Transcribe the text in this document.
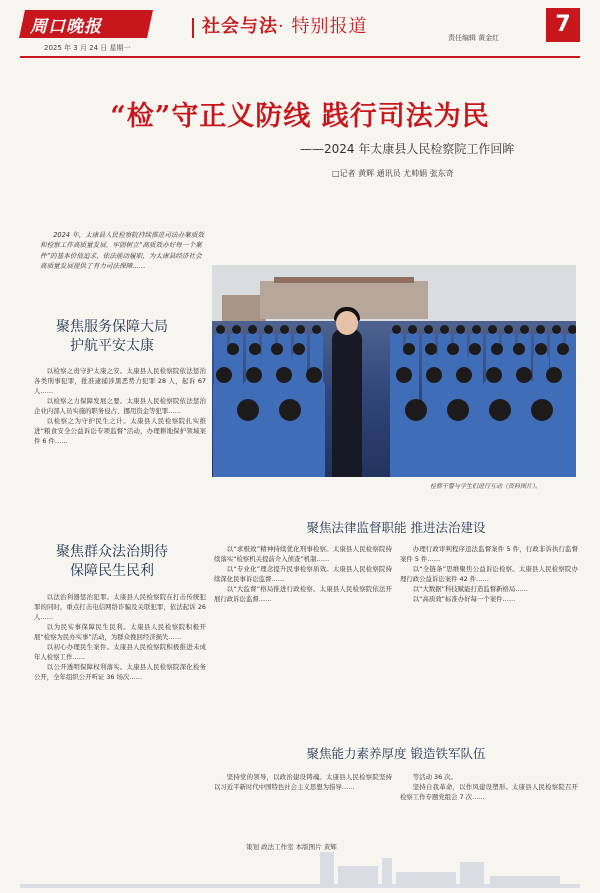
周口晚报
2025 年 3 月 24 日 星期一
社会与法· 特别报道
责任编辑 黄金红
7
“检”守正义防线 践行司法为民
——2024 年太康县人民检察院工作回眸
□记者 黄辉 通讯员 尤帅娟 张东奇
2024 年，太康县人民检察院持续推进司法办案质效和检察工作高质量发展，牢固树立“高质效办好每一个案件”的基本价值追求，依法能动履职，为太康县经济社会高质量发展提供了有力司法保障……
检察干警与学生们进行互动（资料图片）。
聚焦服务保障大局
护航平安太康

以检察之责守护太康之安。太康县人民检察院依法惩治各类刑事犯罪，批准逮捕涉黑恶势力犯罪 28 人，起诉 67 人……

以检察之力保障发展之要。太康县人民检察院依法惩治企业内部人员实施的职务侵占、挪用资金等犯罪……

以检察之为守护民生之计。太康县人民检察院扎实推进“粮食安全公益诉讼专项监督”活动，办理耕地保护领域案件 6 件……

聚焦群众法治期待
保障民生民利

以法治利器惩治犯罪。太康县人民检察院在打击传统犯罪的同时，重点打击电信网络诈骗及关联犯罪，依法起诉 26 人……

以为民实事保障民生民利。太康县人民检察院积极开展“检察为民办实事”活动，为群众挽回经济损失……

以初心办理民生案件。太康县人民检察院积极推进未成年人检察工作……

以公开透明保障权利落实。太康县人民检察院深化检务公开，全年组织公开听证 36 场次……

聚焦法律监督职能 推进法治建设

以“求极致”精神持续优化刑事检察。太康县人民检察院持续落实“检察机关提前介入侦查”机制……

以“专业化”理念提升民事检察质效。太康县人民检察院持续深化民事诉讼监督……

以“大监督”格局推进行政检察。太康县人民检察院依法开展行政诉讼监督……

办理行政审判程序违法监督案件 5 件，行政非诉执行监督案件 5 件……

以“全链条”思维聚焦公益诉讼检察。太康县人民检察院办理行政公益诉讼案件 42 件……

以“大数据”科技赋能打造监督新格局……

以“高质效”标准办好每一个案件……

聚焦能力素养厚度 锻造铁军队伍

坚持党的领导，以政治建设铸魂。太康县人民检察院坚持以习近平新时代中国特色社会主义思想为指导……

等活动 36 次。

坚持自我革命，以作风建设塑形。太康县人民检察院召开检察工作专题党组会 7 次……

策划 政法工作室 本版图片 黄辉
